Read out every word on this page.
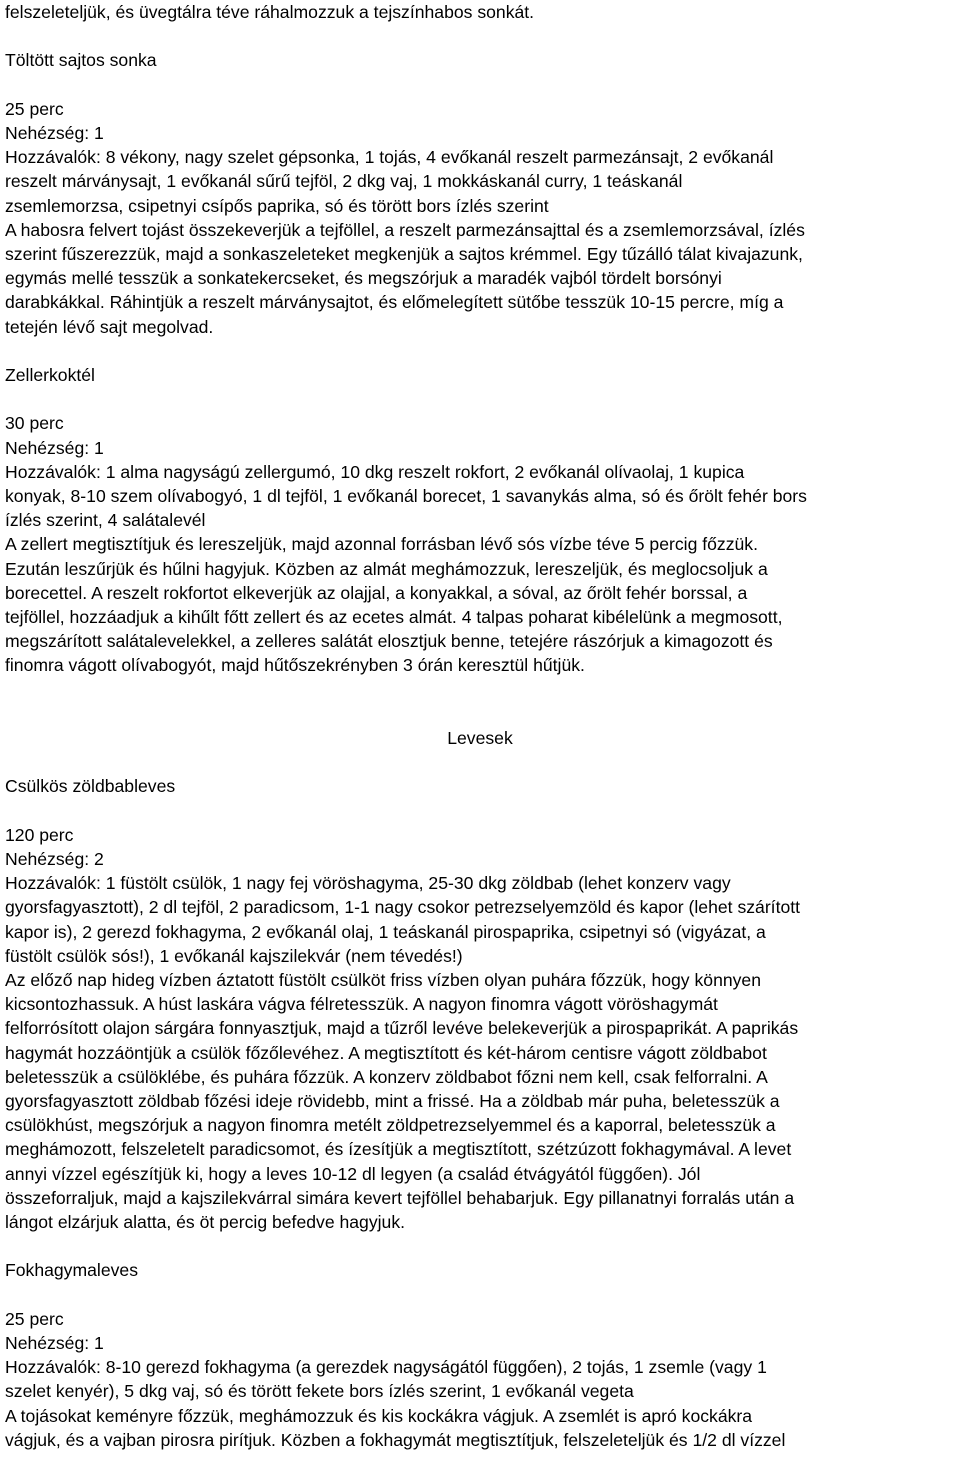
felszeleteljük, és üvegtálra téve ráhalmozzuk a tejszínhabos sonkát.
Töltött sajtos sonka
25 perc
Nehézség: 1
Hozzávalók: 8 vékony, nagy szelet gépsonka, 1 tojás, 4 evőkanál reszelt parmezánsajt, 2 evőkanál
reszelt márványsajt, 1 evőkanál sűrű tejföl, 2 dkg vaj, 1 mokkáskanál curry, 1 teáskanál
zsemlemorzsa, csipetnyi csípős paprika, só és törött bors ízlés szerint
A habosra felvert tojást összekeverjük a tejföllel, a reszelt parmezánsajttal és a zsemlemorzsával, ízlés
szerint fűszerezzük, majd a sonkaszeleteket megkenjük a sajtos krémmel. Egy tűzálló tálat kivajazunk,
egymás mellé tesszük a sonkatekercseket, és megszórjuk a maradék vajból tördelt borsónyi
darabkákkal. Ráhintjük a reszelt márványsajtot, és előmelegített sütőbe tesszük 10-15 percre, míg a
tetején lévő sajt megolvad.
Zellerkoktél
30 perc
Nehézség: 1
Hozzávalók: 1 alma nagyságú zellergumó, 10 dkg reszelt rokfort, 2 evőkanál olívaolaj, 1 kupica
konyak, 8-10 szem olívabogyó, 1 dl tejföl, 1 evőkanál borecet, 1 savanykás alma, só és őrölt fehér bors
ízlés szerint, 4 salátalevél
A zellert megtisztítjuk és lereszeljük, majd azonnal forrásban lévő sós vízbe téve 5 percig főzzük.
Ezután leszűrjük és hűlni hagyjuk. Közben az almát meghámozzuk, lereszeljük, és meglocsoljuk a
borecettel. A reszelt rokfortot elkeverjük az olajjal, a konyakkal, a sóval, az őrölt fehér borssal, a
tejföllel, hozzáadjuk a kihűlt főtt zellert és az ecetes almát. 4 talpas poharat kibélelünk a megmosott,
megszárított salátalevelekkel, a zelleres salátát elosztjuk benne, tetejére rászórjuk a kimagozott és
finomra vágott olívabogyót, majd hűtőszekrényben 3 órán keresztül hűtjük.
Levesek
Csülkös zöldbableves
120 perc
Nehézség: 2
Hozzávalók: 1 füstölt csülök, 1 nagy fej vöröshagyma, 25-30 dkg zöldbab (lehet konzerv vagy
gyorsfagyasztott), 2 dl tejföl, 2 paradicsom, 1-1 nagy csokor petrezselyemzöld és kapor (lehet szárított
kapor is), 2 gerezd fokhagyma, 2 evőkanál olaj, 1 teáskanál pirospaprika, csipetnyi só (vigyázat, a
füstölt csülök sós!), 1 evőkanál kajszilekvár (nem tévedés!)
Az előző nap hideg vízben áztatott füstölt csülköt friss vízben olyan puhára főzzük, hogy könnyen
kicsontozhassuk. A húst laskára vágva félretesszük. A nagyon finomra vágott vöröshagymát
felforrósított olajon sárgára fonnyasztjuk, majd a tűzről levéve belekeverjük a pirospaprikát. A paprikás
hagymát hozzáöntjük a csülök főzőlevéhez. A megtisztított és két-három centisre vágott zöldbabot
beletesszük a csülöklébe, és puhára főzzük. A konzerv zöldbabot főzni nem kell, csak felforralni. A
gyorsfagyasztott zöldbab főzési ideje rövidebb, mint a frissé. Ha a zöldbab már puha, beletesszük a
csülökhúst, megszórjuk a nagyon finomra metélt zöldpetrezselyemmel és a kaporral, beletesszük a
meghámozott, felszeletelt paradicsomot, és ízesítjük a megtisztított, szétzúzott fokhagymával. A levet
annyi vízzel egészítjük ki, hogy a leves 10-12 dl legyen (a család étvágyától függően). Jól
összeforraljuk, majd a kajszilekvárral simára kevert tejföllel behabarjuk. Egy pillanatnyi forralás után a
lángot elzárjuk alatta, és öt percig befedve hagyjuk.
Fokhagymaleves
25 perc
Nehézség: 1
Hozzávalók: 8-10 gerezd fokhagyma (a gerezdek nagyságától függően), 2 tojás, 1 zsemle (vagy 1
szelet kenyér), 5 dkg vaj, só és törött fekete bors ízlés szerint, 1 evőkanál vegeta
A tojásokat keményre főzzük, meghámozzuk és kis kockákra vágjuk. A zsemlét is apró kockákra
vágjuk, és a vajban pirosra pirítjuk. Közben a fokhagymát megtisztítjuk, felszeleteljük és 1/2 dl vízzel
